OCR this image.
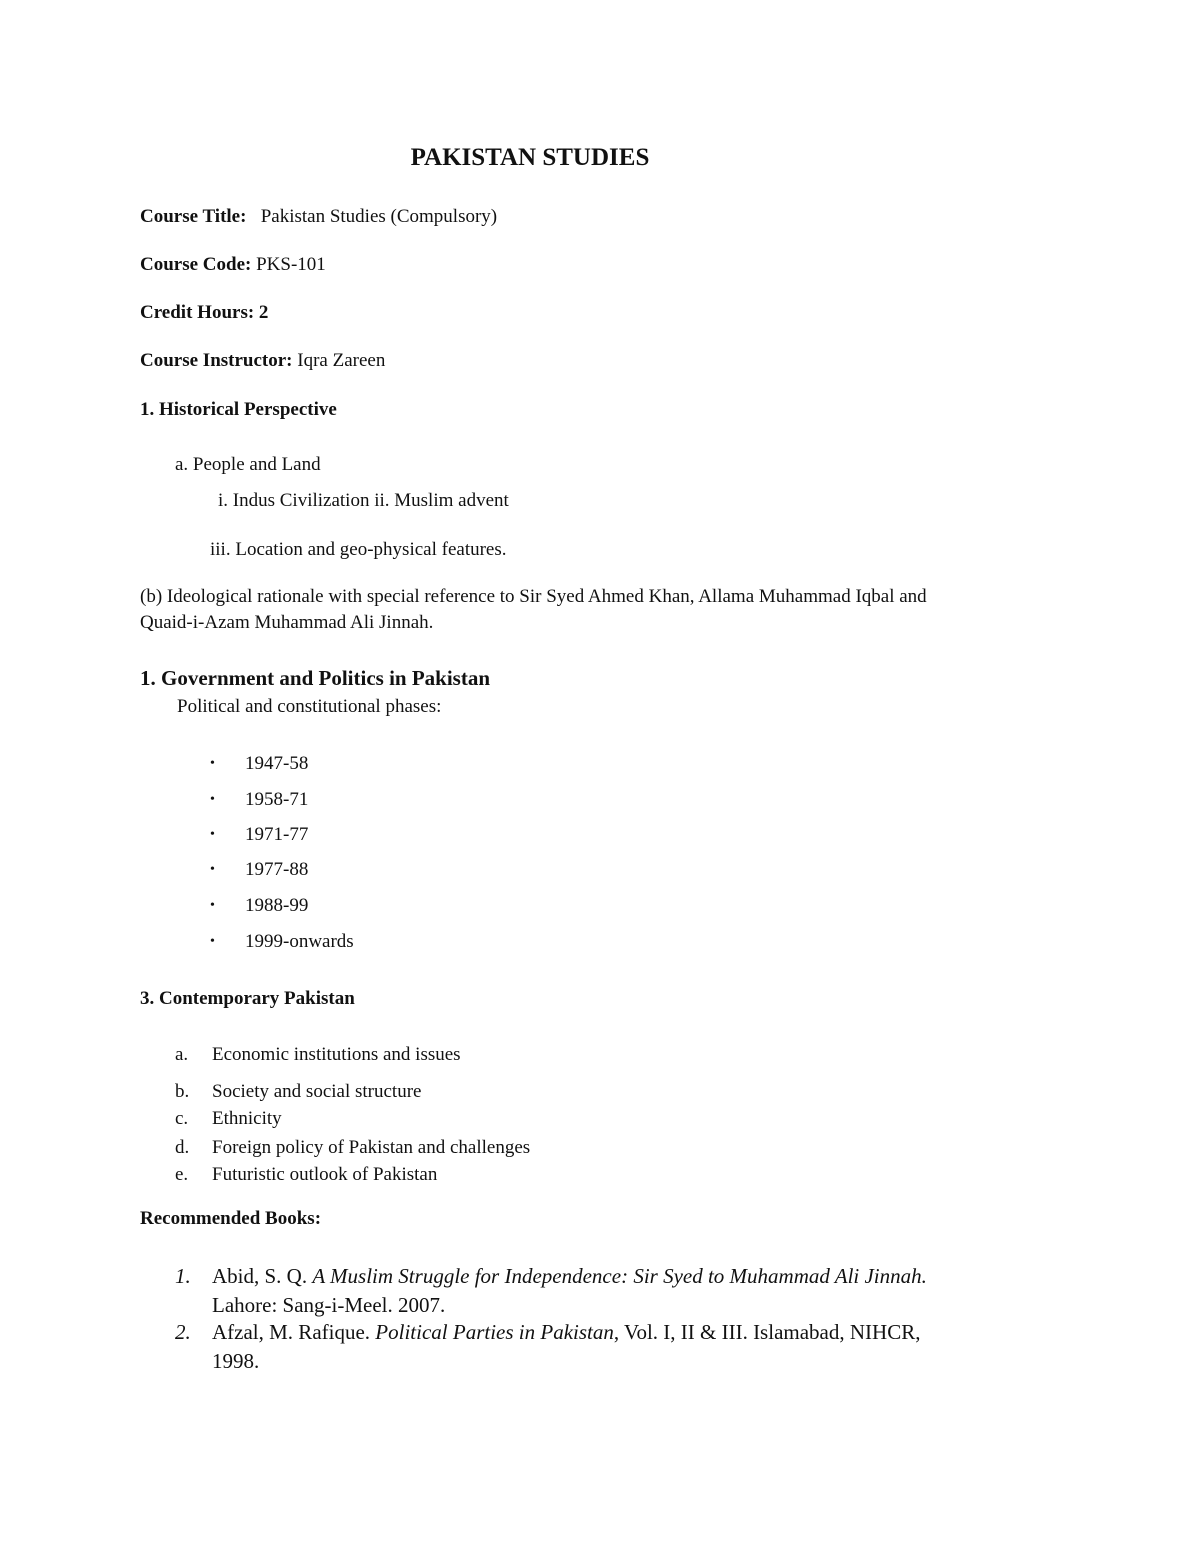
PAKISTAN STUDIES
Course Title: Pakistan Studies (Compulsory)
Course Code: PKS-101
Credit Hours: 2
Course Instructor: Iqra Zareen
1. Historical Perspective
a. People and Land
i. Indus Civilization ii. Muslim advent
iii. Location and geo-physical features.
(b) Ideological rationale with special reference to Sir Syed Ahmed Khan, Allama Muhammad Iqbal and
Quaid-i-Azam Muhammad Ali Jinnah.
1. Government and Politics in Pakistan
Political and constitutional phases:
• 1947-58
• 1958-71
• 1971-77
• 1977-88
• 1988-99
• 1999-onwards
3. Contemporary Pakistan
a. Economic institutions and issues
b. Society and social structure
c. Ethnicity
d. Foreign policy of Pakistan and challenges
e. Futuristic outlook of Pakistan
Recommended Books:
1. Abid, S. Q. A Muslim Struggle for Independence: Sir Syed to Muhammad Ali Jinnah.
Lahore: Sang-i-Meel. 2007.
2. Afzal, M. Rafique. Political Parties in Pakistan, Vol. I, II & III. Islamabad, NIHCR,
1998.
